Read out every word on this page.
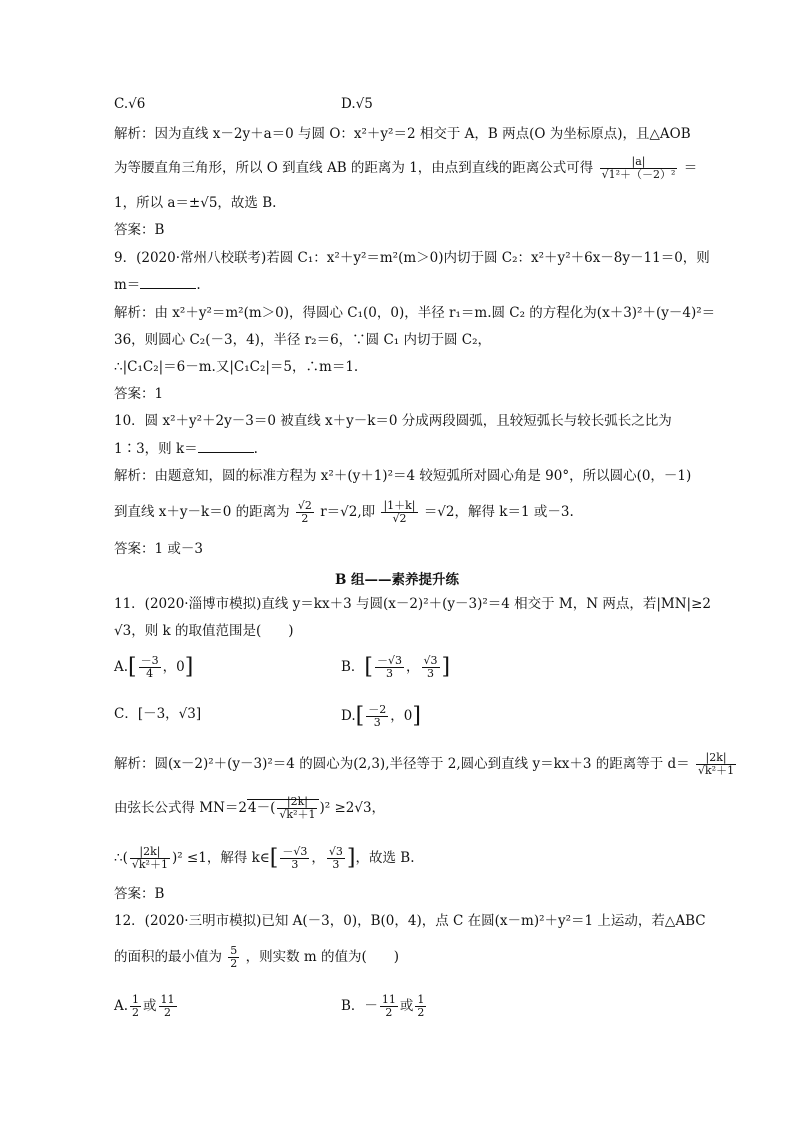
C.√6	D.√5
解析：因为直线 x－2y＋a＝0 与圆 O：x²＋y²＝2 相交于 A，B 两点(O 为坐标原点)，且△AOB
为等腰直角三角形，所以 O 到直线 AB 的距离为 1，由点到直线的距离公式可得 $\frac{|a|}{\text{√1²＋（－2）²}}$ ＝
1，所以 a＝±√5，故选 B.
答案：B
9．(2020·常州八校联考)若圆 C₁：x²＋y²＝m²(m＞0)内切于圆 C₂：x²＋y²＋6x－8y－11＝0，则
m＝	.
解析：由 x²＋y²＝m²(m＞0)，得圆心 C₁(0，0)，半径 r₁＝m.圆 C₂ 的方程化为(x＋3)²＋(y－4)²＝
36，则圆心 C₂(－3，4)，半径 r₂＝6，∵圆 C₁ 内切于圆 C₂，
∴|C₁C₂|＝6－m.又|C₁C₂|＝5，∴m＝1.
答案：1
10．圆 x²＋y²＋2y－3＝0 被直线 x＋y－k＝0 分成两段圆弧，且较短弧长与较长弧长之比为
1∶3，则 k＝	.
解析：由题意知，圆的标准方程为 x²＋(y＋1)²＝4 较短弧所对圆心角是 90°，所以圆心(0，－1)
到直线 x＋y－k＝0 的距离为 $\frac{√2}{2} r=√2$,即 $\frac{|1+k|}{√2} =√2$，解得 k＝1 或－3.
答案：1 或－3
B 组——素养提升练
11．(2020·淄博市模拟)直线 y＝kx＋3 与圆(x－2)²＋(y－3)²＝4 相交于 M，N 两点，若|MN|≥2
√3，则 k 的取值范围是(　　)
$A.[ \frac{-3}{4}$ ，0]	B．[ $\frac{-√3}{3}$ ， $\frac{√3}{3}$ ]
C．[－3，√3]	$D.[ \frac{-2}{3}$ ，0]
解析：圆(x－2)²＋(y－3)²＝4 的圆心为(2,3),半径等于 2,圆心到直线 y＝kx＋3 的距离等于 $d= \frac{|2k|}{\text{√k²＋1}}$
由弦长公式得 $MN=24-( \frac{|2k|}{\text{√k²＋1}} )^2 \ge 2√3$，
∴( $\frac{|2k|}{\text{√k²＋1}} )^2 \le 1$，解得 k∈[ $\frac{-√3}{3}$ ， $\frac{√3}{3}$ ]，故选 B.
答案：B
12．(2020·三明市模拟)已知 A(－3，0)，B(0，4)，点 C 在圆(x－m)²＋y²＝1 上运动，若△ABC
的面积的最小值为 $\frac{5}{2}$ ，则实数 m 的值为(　　)
A. $\frac{1}{2}$ 或 $\frac{11}{2}$	B．－ $\frac{11}{2}$ 或 $\frac{1}{2}$
